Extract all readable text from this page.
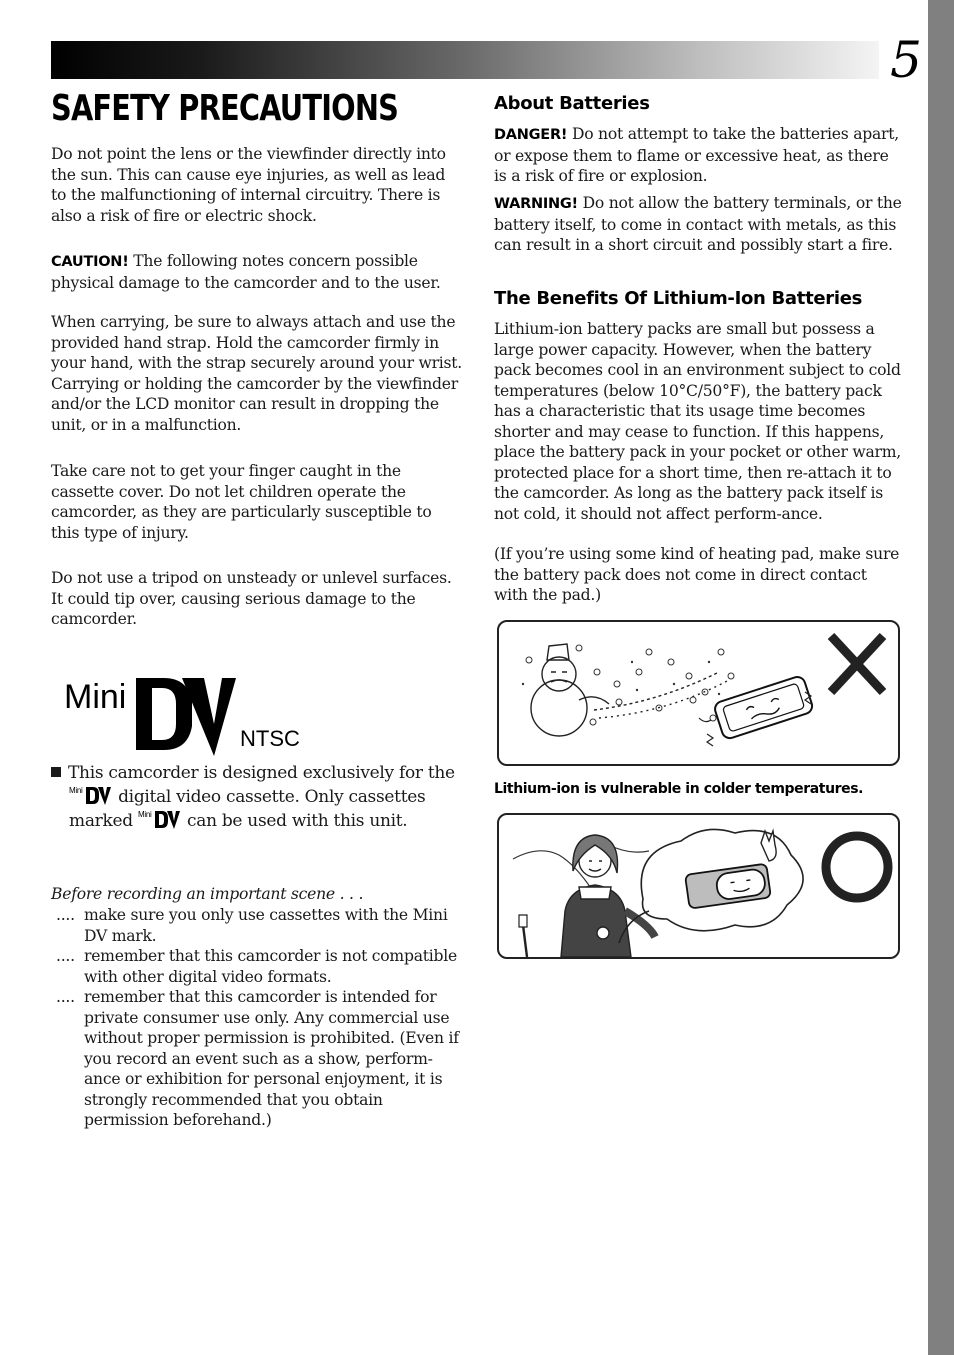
5
SAFETY PRECAUTIONS

Do not point the lens or the viewfinder directly into the sun. This can cause eye injuries, as well as lead to the malfunctioning of internal circuitry. There is also a risk of fire or electric shock.

CAUTION! The following notes concern possible physical damage to the camcorder and to the user.

When carrying, be sure to always attach and use the provided hand strap. Hold the camcorder firmly in your hand, with the strap securely around your wrist. Carrying or holding the camcorder by the viewfinder and/or the LCD monitor can result in dropping the unit, or in a malfunction.

Take care not to get your finger caught in the cassette cover. Do not let children operate the camcorder, as they are particularly susceptible to this type of injury.

Do not use a tripod on unsteady or unlevel surfaces. It could tip over, causing serious damage to the camcorder.

Mini
NTSC

This camcorder is designed exclusively for the
Mini digital video cassette. Only cassettes marked Mini can be used with this unit.

Before recording an important scene . . .

.... make sure you only use cassettes with the Mini DV mark.
.... remember that this camcorder is not compatible with other digital video formats.
.... remember that this camcorder is intended for private consumer use only. Any commercial use without proper permission is prohibited. (Even if you record an event such as a show, perform-ance or exhibition for personal enjoyment, it is strongly recommended that you obtain permission beforehand.)
About Batteries

DANGER! Do not attempt to take the batteries apart, or expose them to flame or excessive heat, as there is a risk of fire or explosion.

WARNING! Do not allow the battery terminals, or the battery itself, to come in contact with metals, as this can result in a short circuit and possibly start a fire.

The Benefits Of Lithium-Ion Batteries

Lithium-ion battery packs are small but possess a large power capacity. However, when the battery pack becomes cool in an environment subject to cold temperatures (below 10°C/50°F), the battery pack has a characteristic that its usage time becomes shorter and may cease to function. If this happens, place the battery pack in your pocket or other warm, protected place for a short time, then re-attach it to the camcorder. As long as the battery pack itself is not cold, it should not affect perform-ance.

(If you’re using some kind of heating pad, make sure the battery pack does not come in direct contact with the pad.)

Lithium-ion is vulnerable in colder temperatures.
